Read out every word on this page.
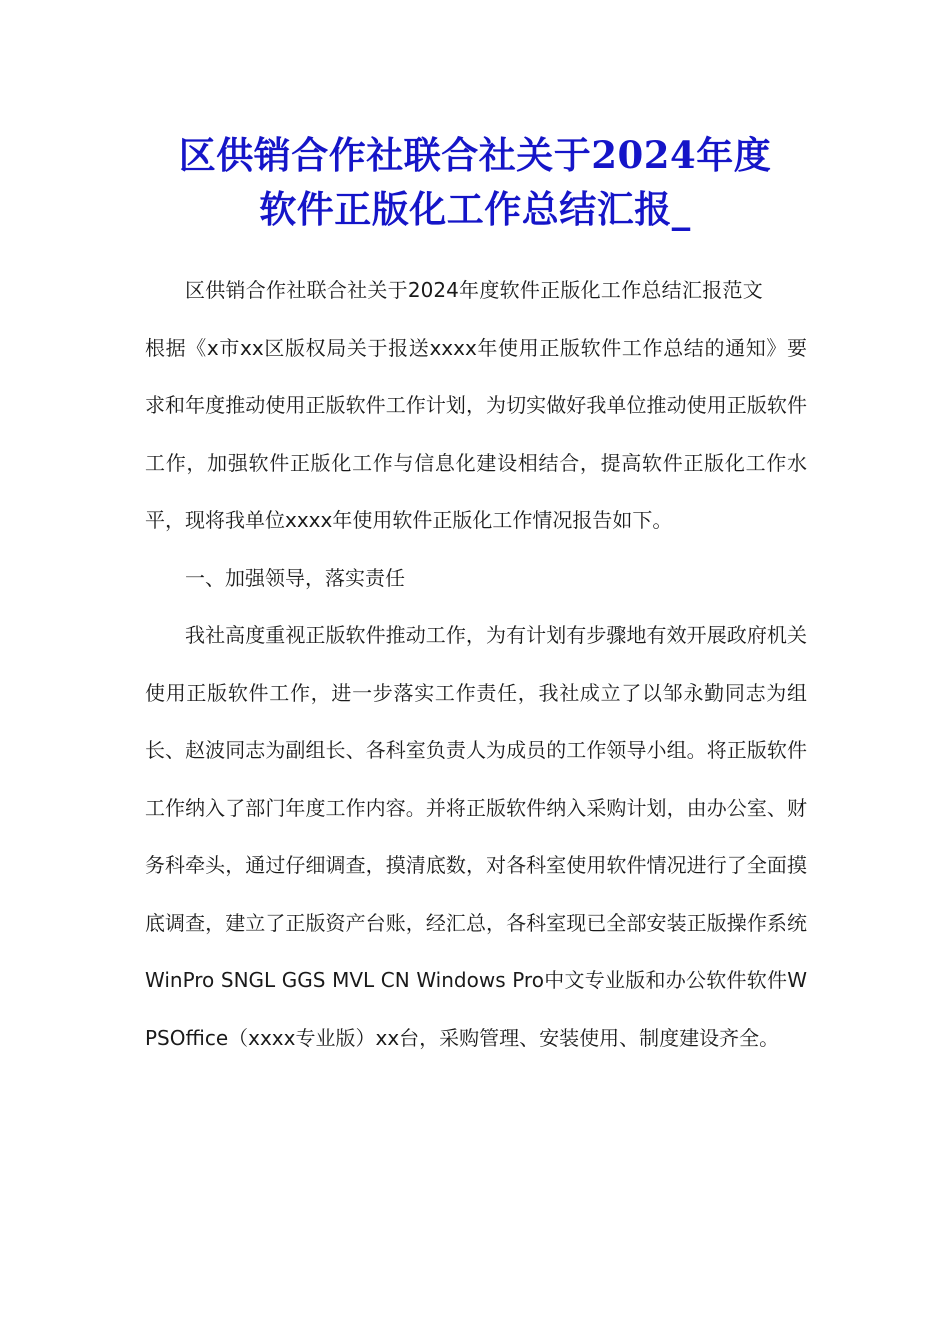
区供销合作社联合社关于2024年度
软件正版化工作总结汇报_

区供销合作社联合社关于2024年度软件正版化工作总结汇报范文根据《x市xx区版权局关于报送xxxx年使用正版软件工作总结的通知》要求和年度推动使用正版软件工作计划，为切实做好我单位推动使用正版软件工作，加强软件正版化工作与信息化建设相结合，提高软件正版化工作水平，现将我单位xxxx年使用软件正版化工作情况报告如下。

一、加强领导，落实责任

我社高度重视正版软件推动工作，为有计划有步骤地有效开展政府机关使用正版软件工作，进一步落实工作责任，我社成立了以邹永勤同志为组长、赵波同志为副组长、各科室负责人为成员的工作领导小组。将正版软件工作纳入了部门年度工作内容。并将正版软件纳入采购计划，由办公室、财务科牵头，通过仔细调查，摸清底数，对各科室使用软件情况进行了全面摸底调查，建立了正版资产台账，经汇总，各科室现已全部安装正版操作系统WinPro SNGL GGS MVL CN Windows Pro中文专业版和办公软件软件WPSOffice（xxxx专业版）xx台，采购管理、安装使用、制度建设齐全。
